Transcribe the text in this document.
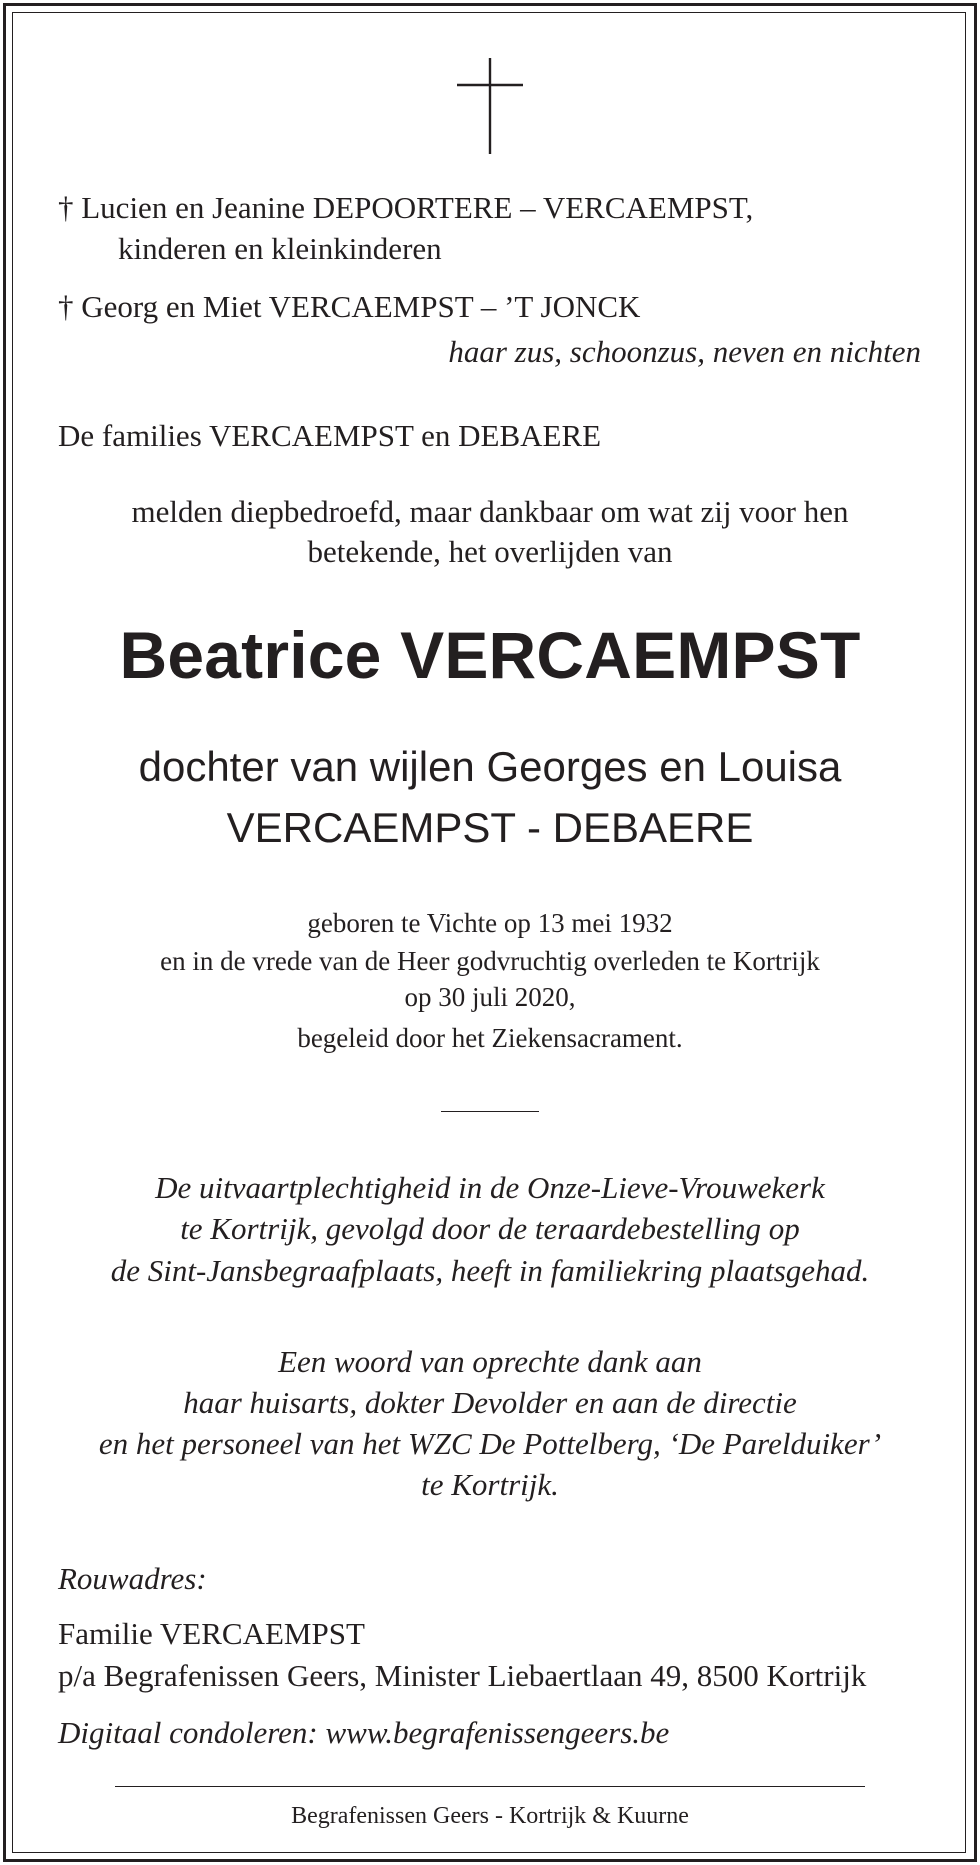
† Lucien en Jeanine DEPOORTERE – VERCAEMPST,
kinderen en kleinkinderen
† Georg en Miet VERCAEMPST – ’T JONCK
haar zus, schoonzus, neven en nichten
De families VERCAEMPST en DEBAERE
melden diepbedroefd, maar dankbaar om wat zij voor hen
betekende, het overlijden van
Beatrice VERCAEMPST
dochter van wijlen Georges en Louisa
VERCAEMPST - DEBAERE
geboren te Vichte op 13 mei 1932
en in de vrede van de Heer godvruchtig overleden te Kortrijk
op 30 juli 2020,
begeleid door het Ziekensacrament.
De uitvaartplechtigheid in de Onze-Lieve-Vrouwekerk
te Kortrijk, gevolgd door de teraardebestelling op
de Sint-Jansbegraafplaats, heeft in familiekring plaatsgehad.
Een woord van oprechte dank aan
haar huisarts, dokter Devolder en aan de directie
en het personeel van het WZC De Pottelberg, ‘De Parelduiker’
te Kortrijk.
Rouwadres:
Familie VERCAEMPST
p/a Begrafenissen Geers, Minister Liebaertlaan 49, 8500 Kortrijk
Digitaal condoleren: www.begrafenissengeers.be
Begrafenissen Geers - Kortrijk & Kuurne
